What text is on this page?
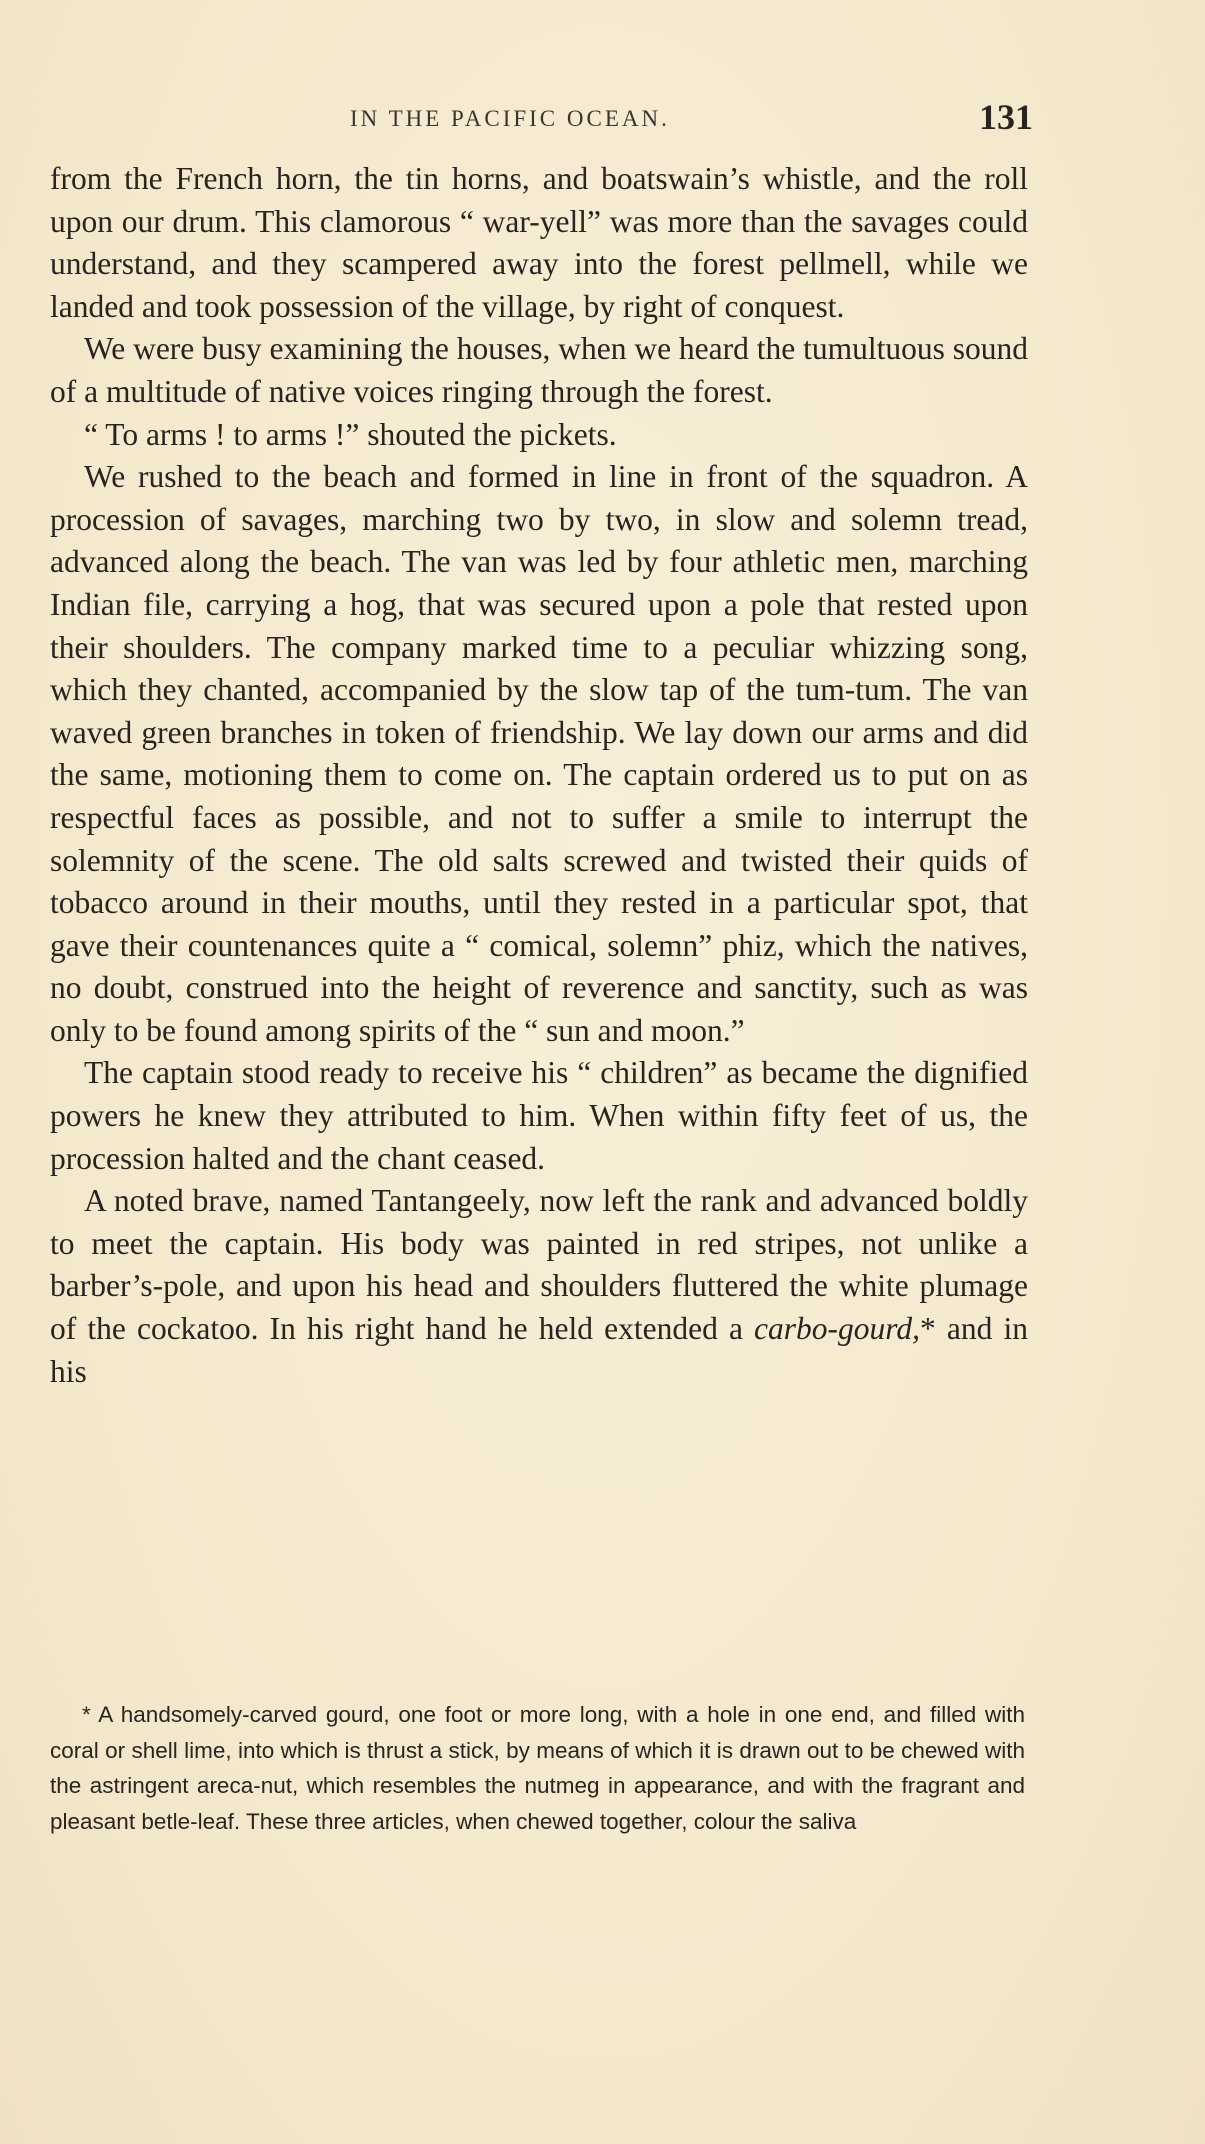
IN THE PACIFIC OCEAN.	131

from the French horn, the tin horns, and boatswain’s whistle, and the roll upon our drum. This clamorous “ war-yell” was more than the savages could understand, and they scampered away into the forest pellmell, while we landed and took possession of the village, by right of conquest.

We were busy examining the houses, when we heard the tumultuous sound of a multitude of native voices ringing through the forest.

“ To arms ! to arms !” shouted the pickets.

We rushed to the beach and formed in line in front of the squadron. A procession of savages, marching two by two, in slow and solemn tread, advanced along the beach. The van was led by four athletic men, marching Indian file, carrying a hog, that was secured upon a pole that rested upon their shoulders. The company marked time to a peculiar whizzing song, which they chanted, accompanied by the slow tap of the tum-tum. The van waved green branches in token of friendship. We lay down our arms and did the same, motioning them to come on. The captain ordered us to put on as respectful faces as possible, and not to suffer a smile to interrupt the solemnity of the scene. The old salts screwed and twisted their quids of tobacco around in their mouths, until they rested in a particular spot, that gave their countenances quite a “ comical, solemn” phiz, which the natives, no doubt, construed into the height of reverence and sanctity, such as was only to be found among spirits of the “ sun and moon.”

The captain stood ready to receive his “ children” as became the dignified powers he knew they attributed to him. When within fifty feet of us, the procession halted and the chant ceased.

A noted brave, named Tantangeely, now left the rank and advanced boldly to meet the captain. His body was painted in red stripes, not unlike a barber’s-pole, and upon his head and shoulders fluttered the white plumage of the cockatoo. In his right hand he held extended a carbo-gourd,* and in his

* A handsomely-carved gourd, one foot or more long, with a hole in one end, and filled with coral or shell lime, into which is thrust a stick, by means of which it is drawn out to be chewed with the astringent areca-nut, which resembles the nutmeg in appearance, and with the fragrant and pleasant betle-leaf. These three articles, when chewed together, colour the saliva
